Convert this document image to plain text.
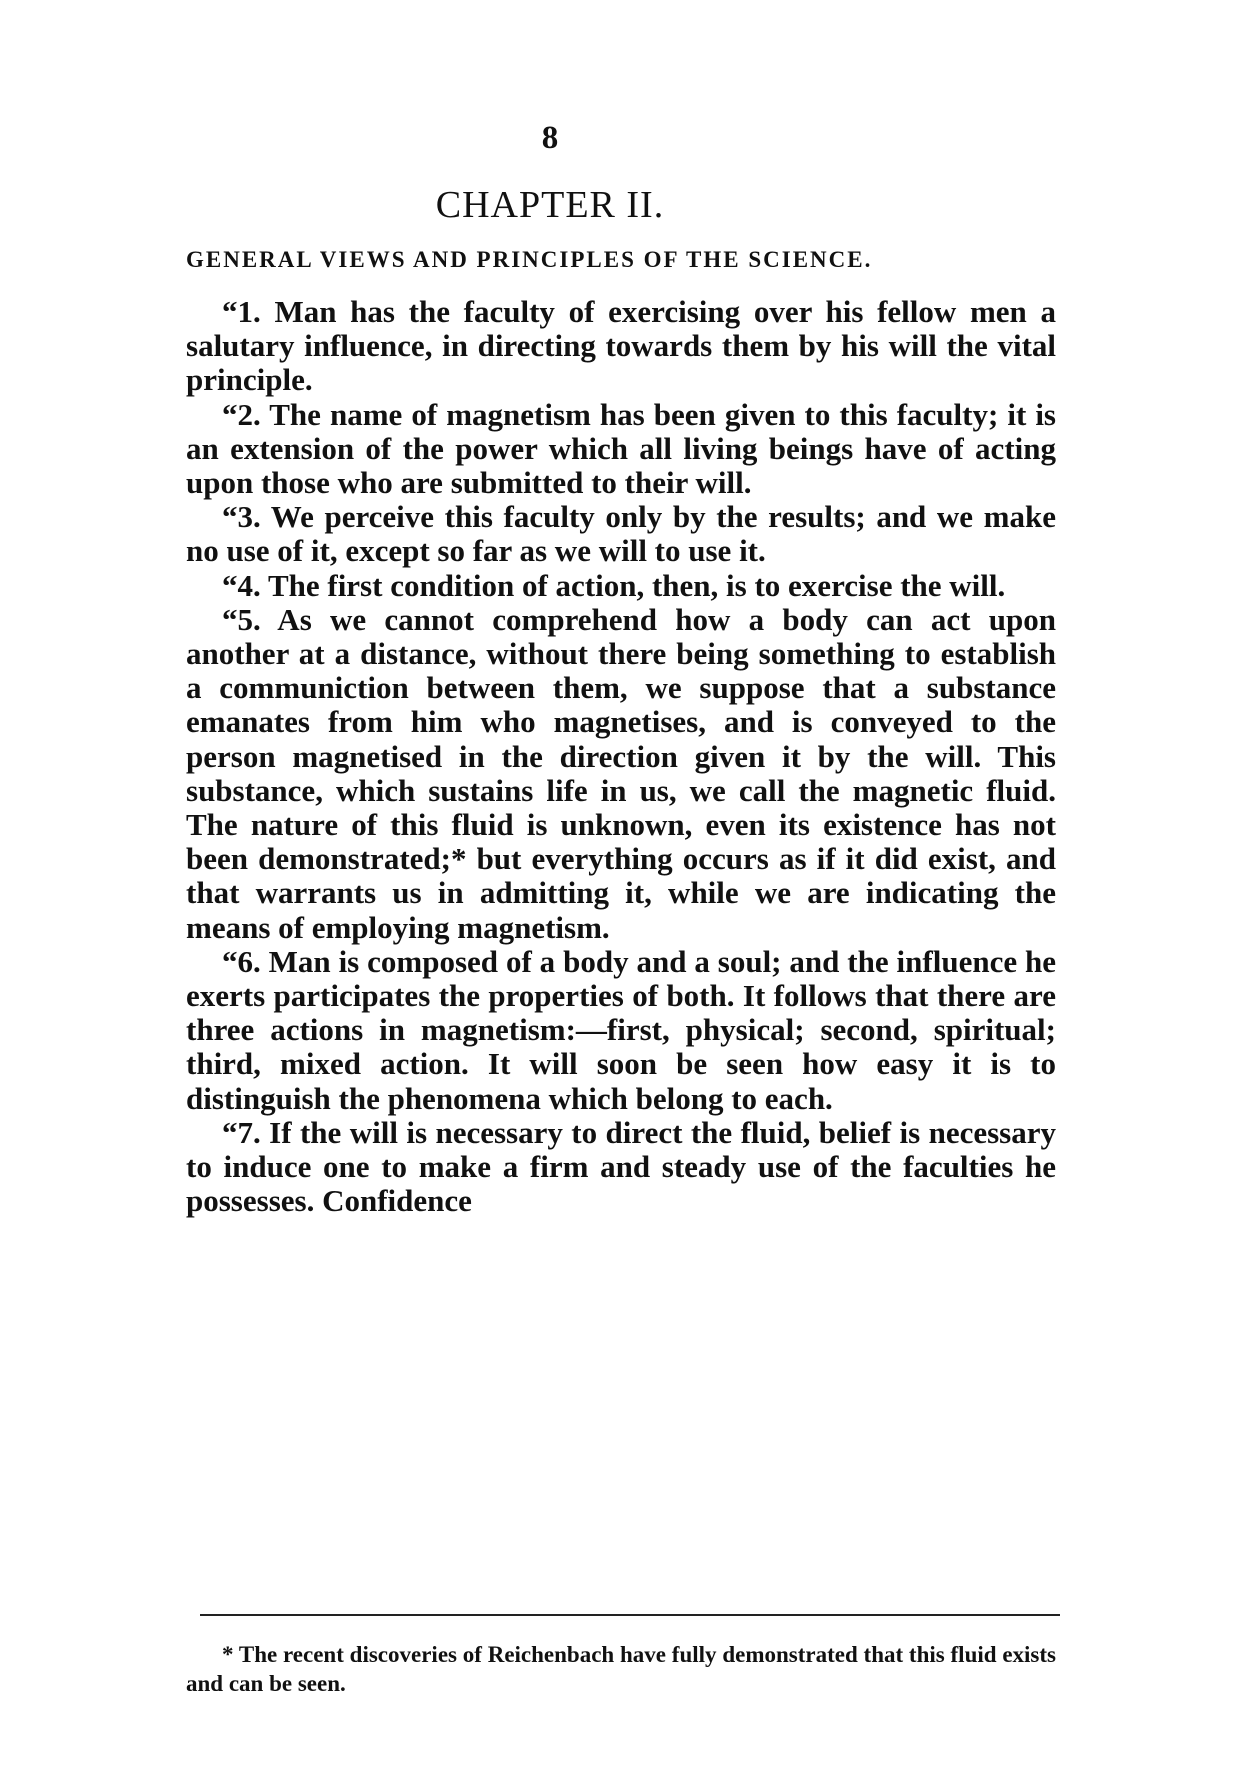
8
CHAPTER II.
GENERAL VIEWS AND PRINCIPLES OF THE SCIENCE.

“1. Man has the faculty of exercising over his fellow men a salutary influence, in directing towards them by his will the vital principle.

“2. The name of magnetism has been given to this faculty; it is an extension of the power which all living beings have of acting upon those who are submitted to their will.

“3. We perceive this faculty only by the results; and we make no use of it, except so far as we will to use it.

“4. The first condition of action, then, is to exercise the will.

“5. As we cannot comprehend how a body can act upon another at a distance, without there being something to establish a communiction between them, we suppose that a substance emanates from him who magnetises, and is conveyed to the person magnetised in the direction given it by the will. This substance, which sustains life in us, we call the magnetic fluid. The nature of this fluid is unknown, even its existence has not been demonstrated;* but everything occurs as if it did exist, and that warrants us in admitting it, while we are indicating the means of employing magnetism.

“6. Man is composed of a body and a soul; and the influence he exerts participates the properties of both. It follows that there are three actions in magnetism:—first, physical; second, spiritual; third, mixed action. It will soon be seen how easy it is to distinguish the phenomena which belong to each.

“7. If the will is necessary to direct the fluid, belief is necessary to induce one to make a firm and steady use of the faculties he possesses. Confidence

* The recent discoveries of Reichenbach have fully demonstrated that this fluid exists and can be seen.
